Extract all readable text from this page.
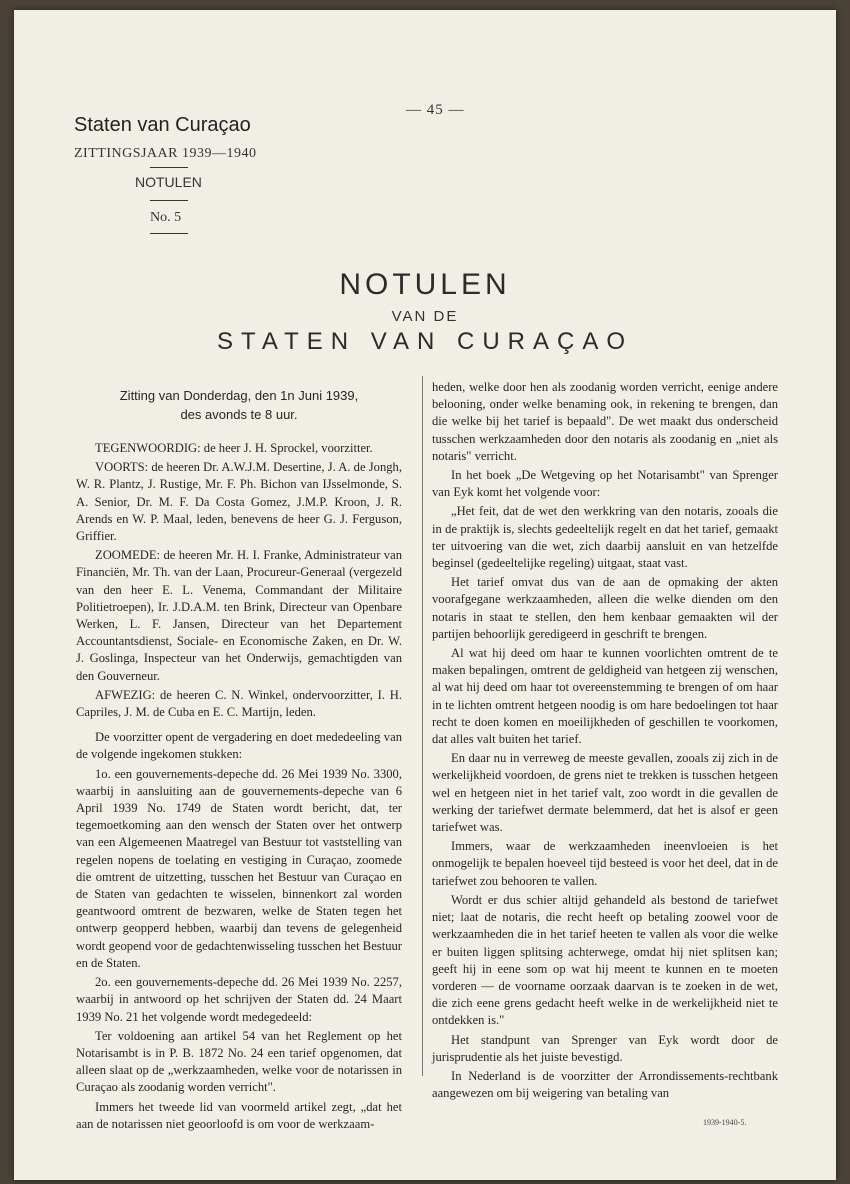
— 45 —
Staten van Curaçao
ZITTINGSJAAR 1939—1940
NOTULEN
No. 5
NOTULEN
VAN DE
STATEN VAN CURAÇAO
Zitting van Donderdag, den 1n Juni 1939,
des avonds te 8 uur.

TEGENWOORDIG: de heer J. H. Sprockel, voorzitter.

VOORTS: de heeren Dr. A.W.J.M. Desertine, J. A. de Jongh, W. R. Plantz, J. Rustige, Mr. F. Ph. Bichon van IJsselmonde, S. A. Senior, Dr. M. F. Da Costa Gomez, J.M.P. Kroon, J. R. Arends en W. P. Maal, leden, benevens de heer G. J. Ferguson, Griffier.

ZOOMEDE: de heeren Mr. H. I. Franke, Administrateur van Financiën, Mr. Th. van der Laan, Procureur-Generaal (vergezeld van den heer E. L. Venema, Commandant der Militaire Politietroepen), Ir. J.D.A.M. ten Brink, Directeur van Openbare Werken, L. F. Jansen, Directeur van het Departement Accountantsdienst, Sociale- en Economische Zaken, en Dr. W. J. Goslinga, Inspecteur van het Onderwijs, gemachtigden van den Gouverneur.

AFWEZIG: de heeren C. N. Winkel, ondervoorzitter, I. H. Capriles, J. M. de Cuba en E. C. Martijn, leden.

De voorzitter opent de vergadering en doet mededeeling van de volgende ingekomen stukken:

1o. een gouvernements-depeche dd. 26 Mei 1939 No. 3300, waarbij in aansluiting aan de gouvernements-depeche van 6 April 1939 No. 1749 de Staten wordt bericht, dat, ter tegemoetkoming aan den wensch der Staten over het ontwerp van een Algemeenen Maatregel van Bestuur tot vaststelling van regelen nopens de toelating en vestiging in Curaçao, zoomede die omtrent de uitzetting, tusschen het Bestuur van Curaçao en de Staten van gedachten te wisselen, binnenkort zal worden geantwoord omtrent de bezwaren, welke de Staten tegen het ontwerp geopperd hebben, waarbij dan tevens de gelegenheid wordt geopend voor de gedachtenwisseling tusschen het Bestuur en de Staten.

2o. een gouvernements-depeche dd. 26 Mei 1939 No. 2257, waarbij in antwoord op het schrijven der Staten dd. 24 Maart 1939 No. 21 het volgende wordt medegedeeld:

Ter voldoening aan artikel 54 van het Reglement op het Notarisambt is in P. B. 1872 No. 24 een tarief opgenomen, dat alleen slaat op de „werkzaamheden, welke voor de notarissen in Curaçao als zoodanig worden verricht".

Immers het tweede lid van voormeld artikel zegt, „dat het aan de notarissen niet geoorloofd is om voor de werkzaam-

heden, welke door hen als zoodanig worden verricht, eenige andere belooning, onder welke benaming ook, in rekening te brengen, dan die welke bij het tarief is bepaald". De wet maakt dus onderscheid tusschen werkzaamheden door den notaris als zoodanig en „niet als notaris" verricht.

In het boek „De Wetgeving op het Notarisambt" van Sprenger van Eyk komt het volgende voor:

„Het feit, dat de wet den werkkring van den notaris, zooals die in de praktijk is, slechts gedeeltelijk regelt en dat het tarief, gemaakt ter uitvoering van die wet, zich daarbij aansluit en van hetzelfde beginsel (gedeeltelijke regeling) uitgaat, staat vast.

Het tarief omvat dus van de aan de opmaking der akten voorafgegane werkzaamheden, alleen die welke dienden om den notaris in staat te stellen, den hem kenbaar gemaakten wil der partijen behoorlijk geredigeerd in geschrift te brengen.

Al wat hij deed om haar te kunnen voorlichten omtrent de te maken bepalingen, omtrent de geldigheid van hetgeen zij wenschen, al wat hij deed om haar tot overeenstemming te brengen of om haar in te lichten omtrent hetgeen noodig is om hare bedoelingen tot haar recht te doen komen en moeilijkheden of geschillen te voorkomen, dat alles valt buiten het tarief.

En daar nu in verreweg de meeste gevallen, zooals zij zich in de werkelijkheid voordoen, de grens niet te trekken is tusschen hetgeen wel en hetgeen niet in het tarief valt, zoo wordt in die gevallen de werking der tariefwet dermate belemmerd, dat het is alsof er geen tariefwet was.

Immers, waar de werkzaamheden ineenvloeien is het onmogelijk te bepalen hoeveel tijd besteed is voor het deel, dat in de tariefwet zou behooren te vallen.

Wordt er dus schier altijd gehandeld als bestond de tariefwet niet; laat de notaris, die recht heeft op betaling zoowel voor de werkzaamheden die in het tarief heeten te vallen als voor die welke er buiten liggen splitsing achterwege, omdat hij niet splitsen kan; geeft hij in eene som op wat hij meent te kunnen en te moeten vorderen — de voorname oorzaak daarvan is te zoeken in de wet, die zich eene grens gedacht heeft welke in de werkelijkheid niet te ontdekken is."

Het standpunt van Sprenger van Eyk wordt door de jurisprudentie als het juiste bevestigd.

In Nederland is de voorzitter der Arrondissements-rechtbank aangewezen om bij weigering van betaling van

1939-1940-5.
